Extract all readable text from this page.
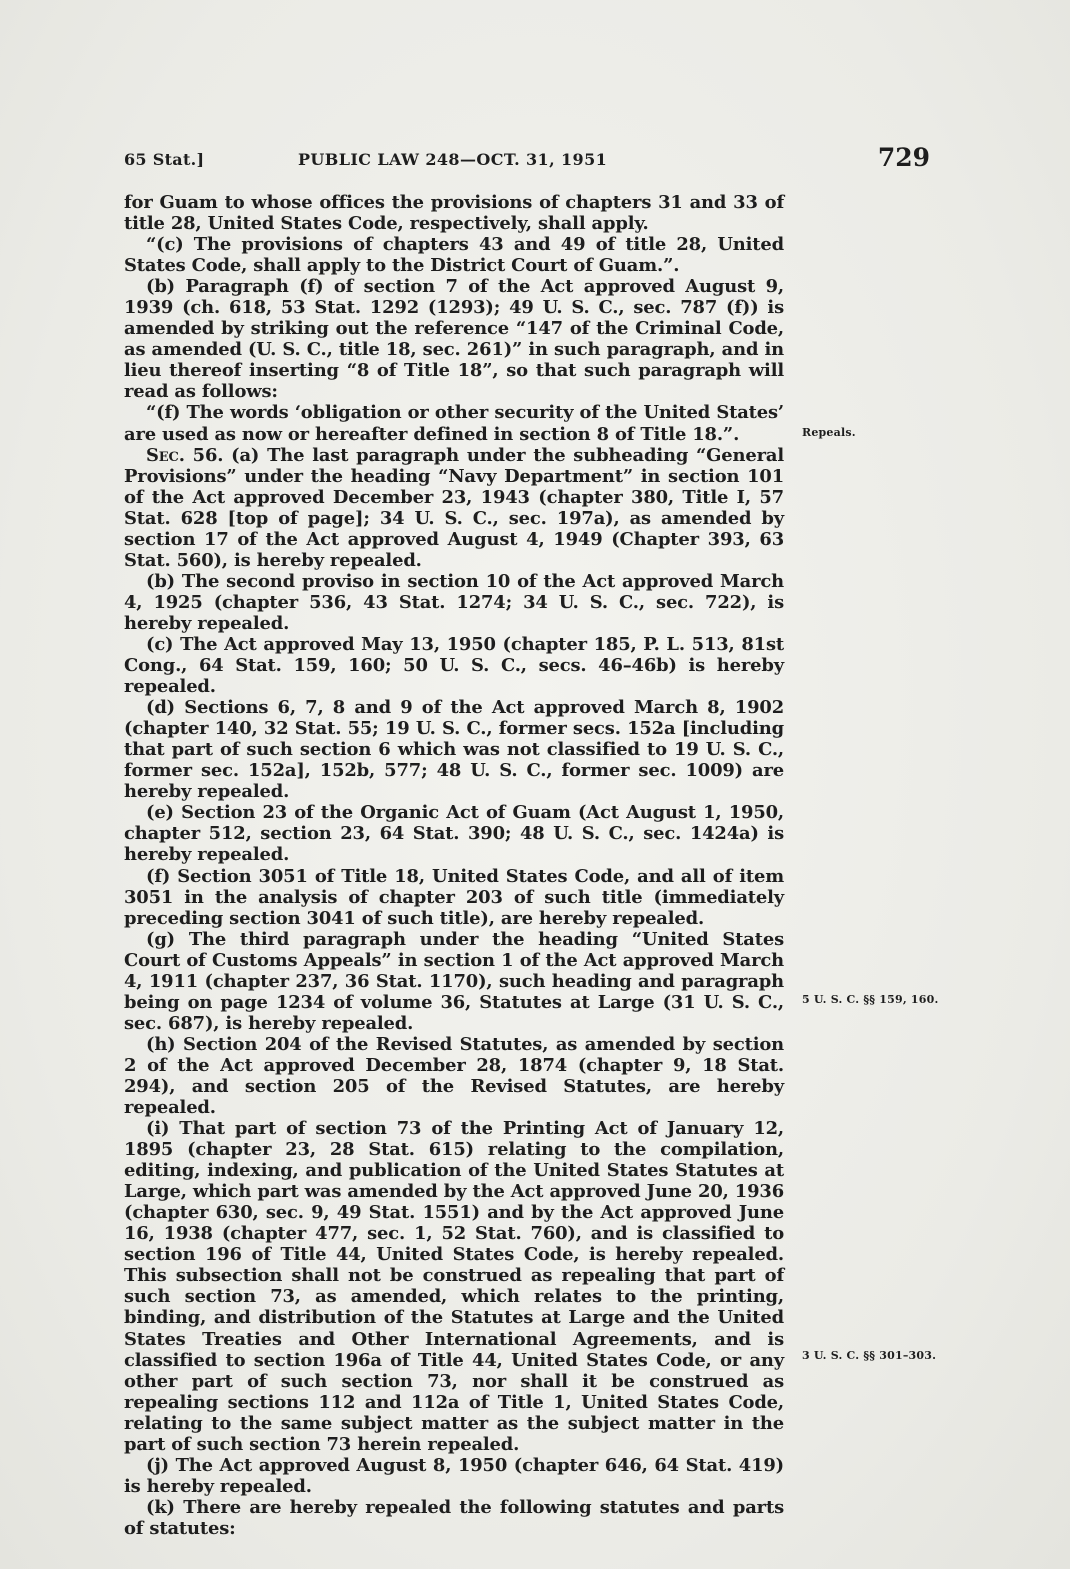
65 Stat.]	PUBLIC LAW 248—OCT. 31, 1951	729

for Guam to whose offices the provisions of chapters 31 and 33 of title 28, United States Code, respectively, shall apply.

“(c) The provisions of chapters 43 and 49 of title 28, United States Code, shall apply to the District Court of Guam.”.

(b) Paragraph (f) of section 7 of the Act approved August 9, 1939 (ch. 618, 53 Stat. 1292 (1293); 49 U. S. C., sec. 787 (f)) is amended by striking out the reference “147 of the Criminal Code, as amended (U. S. C., title 18, sec. 261)” in such paragraph, and in lieu thereof inserting “8 of Title 18”, so that such paragraph will read as follows:

“(f) The words ‘obligation or other security of the United States’ are used as now or hereafter defined in section 8 of Title 18.”.

Sec. 56. (a) The last paragraph under the subheading “General Provisions” under the heading “Navy Department” in section 101 of the Act approved December 23, 1943 (chapter 380, Title I, 57 Stat. 628 [top of page]; 34 U. S. C., sec. 197a), as amended by section 17 of the Act approved August 4, 1949 (Chapter 393, 63 Stat. 560), is hereby repealed.

(b) The second proviso in section 10 of the Act approved March 4, 1925 (chapter 536, 43 Stat. 1274; 34 U. S. C., sec. 722), is hereby repealed.

(c) The Act approved May 13, 1950 (chapter 185, P. L. 513, 81st Cong., 64 Stat. 159, 160; 50 U. S. C., secs. 46–46b) is hereby repealed.

(d) Sections 6, 7, 8 and 9 of the Act approved March 8, 1902 (chapter 140, 32 Stat. 55; 19 U. S. C., former secs. 152a [including that part of such section 6 which was not classified to 19 U. S. C., former sec. 152a], 152b, 577; 48 U. S. C., former sec. 1009) are hereby repealed.

(e) Section 23 of the Organic Act of Guam (Act August 1, 1950, chapter 512, section 23, 64 Stat. 390; 48 U. S. C., sec. 1424a) is hereby repealed.

(f) Section 3051 of Title 18, United States Code, and all of item 3051 in the analysis of chapter 203 of such title (immediately preceding section 3041 of such title), are hereby repealed.

(g) The third paragraph under the heading “United States Court of Customs Appeals” in section 1 of the Act approved March 4, 1911 (chapter 237, 36 Stat. 1170), such heading and paragraph being on page 1234 of volume 36, Statutes at Large (31 U. S. C., sec. 687), is hereby repealed.

(h) Section 204 of the Revised Statutes, as amended by section 2 of the Act approved December 28, 1874 (chapter 9, 18 Stat. 294), and section 205 of the Revised Statutes, are hereby repealed.

(i) That part of section 73 of the Printing Act of January 12, 1895 (chapter 23, 28 Stat. 615) relating to the compilation, editing, indexing, and publication of the United States Statutes at Large, which part was amended by the Act approved June 20, 1936 (chapter 630, sec. 9, 49 Stat. 1551) and by the Act approved June 16, 1938 (chapter 477, sec. 1, 52 Stat. 760), and is classified to section 196 of Title 44, United States Code, is hereby repealed. This subsection shall not be construed as repealing that part of such section 73, as amended, which relates to the printing, binding, and distribution of the Statutes at Large and the United States Treaties and Other International Agreements, and is classified to section 196a of Title 44, United States Code, or any other part of such section 73, nor shall it be construed as repealing sections 112 and 112a of Title 1, United States Code, relating to the same subject matter as the subject matter in the part of such section 73 herein repealed.

(j) The Act approved August 8, 1950 (chapter 646, 64 Stat. 419) is hereby repealed.

(k) There are hereby repealed the following statutes and parts of statutes:

Repeals.
5 U. S. C. §§ 159, 160.
3 U. S. C. §§ 301–303.
